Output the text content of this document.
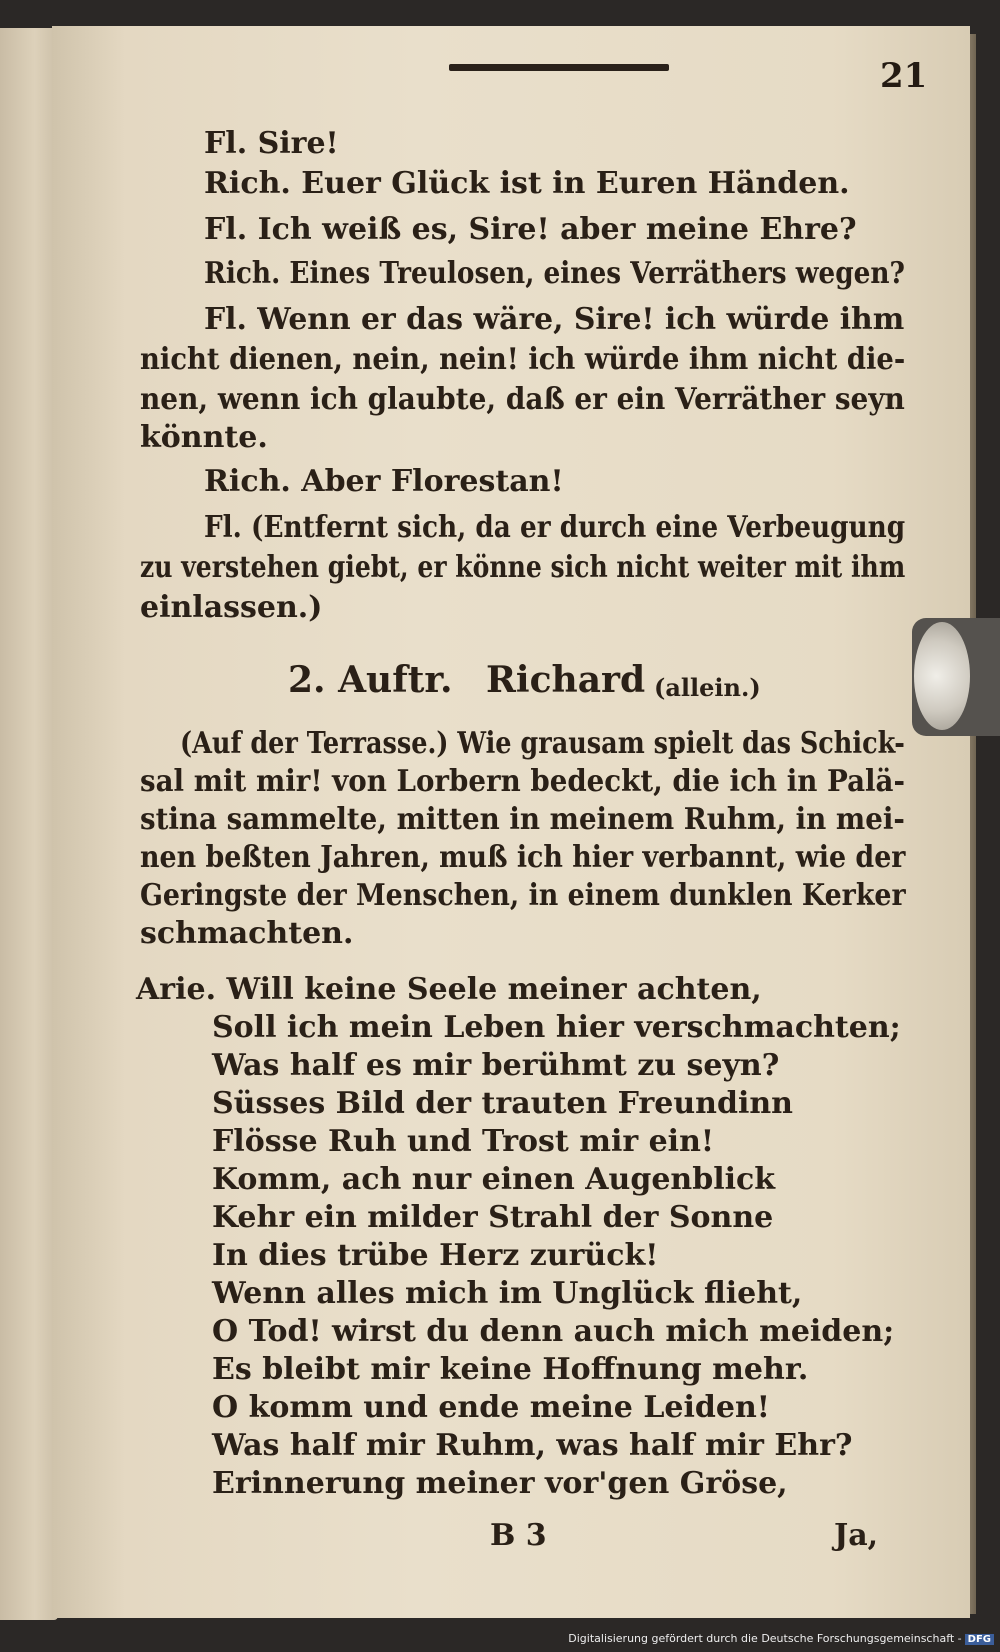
21
Fl. Sire!
Rich. Euer Glück ist in Euren Händen.
Fl. Ich weiß es, Sire! aber meine Ehre?
Rich. Eines Treulosen, eines Verräthers wegen?
Fl. Wenn er das wäre, Sire! ich würde ihm
nicht dienen, nein, nein! ich würde ihm nicht die-
nen, wenn ich glaubte, daß er ein Verräther seyn
könnte.
Rich. Aber Florestan!
Fl. (Entfernt sich, da er durch eine Verbeugung
zu verstehen giebt, er könne sich nicht weiter mit ihm
einlassen.)
2. Auftr. Richard (allein.)
(Auf der Terrasse.) Wie grausam spielt das Schick-
sal mit mir! von Lorbern bedeckt, die ich in Palä-
stina sammelte, mitten in meinem Ruhm, in mei-
nen beßten Jahren, muß ich hier verbannt, wie der
Geringste der Menschen, in einem dunklen Kerker
schmachten.
Arie. Will keine Seele meiner achten,
Soll ich mein Leben hier verschmachten;
Was half es mir berühmt zu seyn?
Süsses Bild der trauten Freundinn
Flösse Ruh und Trost mir ein!
Komm, ach nur einen Augenblick
Kehr ein milder Strahl der Sonne
In dies trübe Herz zurück!
Wenn alles mich im Unglück flieht,
O Tod! wirst du denn auch mich meiden;
Es bleibt mir keine Hoffnung mehr.
O komm und ende meine Leiden!
Was half mir Ruhm, was half mir Ehr?
Erinnerung meiner vor'gen Gröse,
B 3	Ja,
Digitalisierung gefördert durch die Deutsche Forschungsgemeinschaft - DFG
